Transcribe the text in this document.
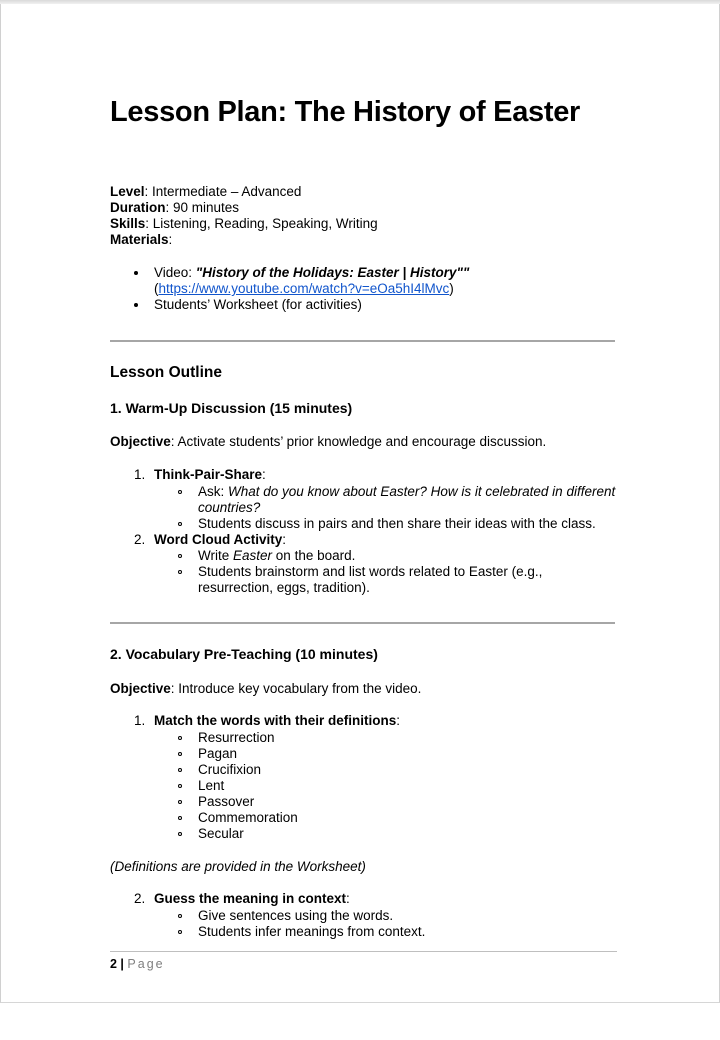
Lesson Plan: The History of Easter
Level: Intermediate – Advanced
Duration: 90 minutes
Skills: Listening, Reading, Speaking, Writing
Materials:
Video: "History of the Holidays: Easter | History""
(https://www.youtube.com/watch?v=eOa5hI4lMvc)
Students’ Worksheet (for activities)
Lesson Outline
1. Warm-Up Discussion (15 minutes)
Objective: Activate students’ prior knowledge and encourage discussion.
1. Think-Pair-Share:
Ask: What do you know about Easter? How is it celebrated in different
countries?
Students discuss in pairs and then share their ideas with the class.
2. Word Cloud Activity:
Write Easter on the board.
Students brainstorm and list words related to Easter (e.g.,
resurrection, eggs, tradition).
2. Vocabulary Pre-Teaching (10 minutes)
Objective: Introduce key vocabulary from the video.
1. Match the words with their definitions:
Resurrection
Pagan
Crucifixion
Lent
Passover
Commemoration
Secular
(Definitions are provided in the Worksheet)
2. Guess the meaning in context:
Give sentences using the words.
Students infer meanings from context.
2 | Page
